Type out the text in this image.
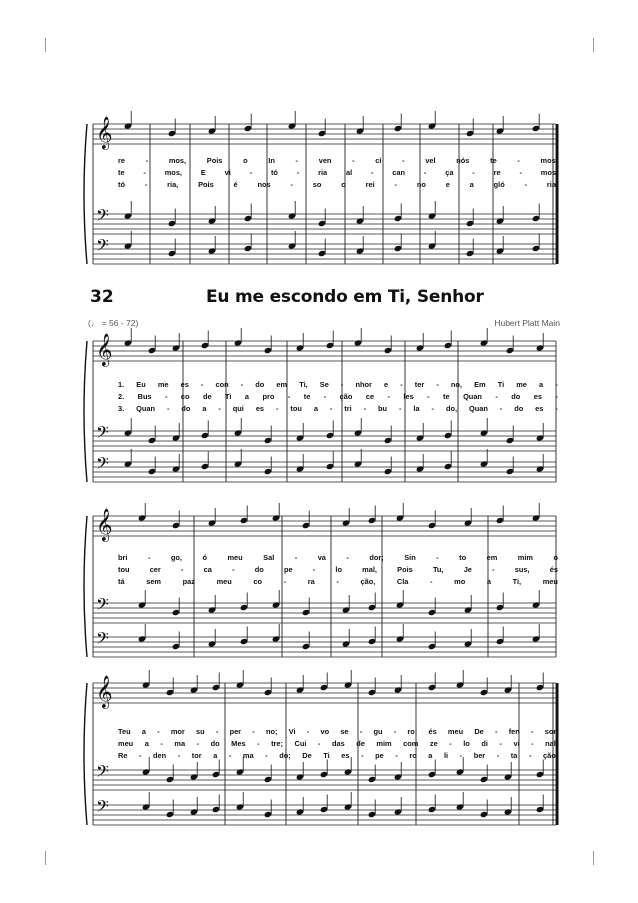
𝄞
𝄢
𝄢
𝄞
𝄢
𝄢
𝄞
𝄢
𝄢
𝄞
𝄢
𝄢
re	-	mos,	Pois	o	In	-	ven	-	cí	-	vel	nós	te	-	mos.
te	-	mos,	E	vi	-	tó	-	ria	al	-	can	-	ça	-	re	-	mos.
tó	-	ria,	Pois	é	nos	-	so	o	rei	-	no	e	a	gló	-	ria.
32	Eu me escondo em Ti, Senhor
(♩ = 56 - 72)	Hubert Platt Main
1. Eu me es - con - do em Ti, Se - nhor e - ter - no, Em Ti me a -
2. Bus - co de Ti a pro - te - ção ce - les - te Quan - do es -
3. Quan - do a - qui es - tou a - tri - bu - la - do, Quan - do es -
bri	-	go,	ó	meu	Sal	-	va	-	dor;	Sin	-	to	em	mim	o
tou	cer	-	ca	-	do	pe	-	lo	mal,	Pois	Tu,	Je	-	sus,	és
tá	sem	paz	meu	co	-	ra	-	ção,	Cla	-	mo	a	Ti,	meu
Teu a - mor su - per - no; Vi - vo se - gu - ro; és meu De - fen - sor.
meu a - ma - do Mes - tre; Cui - das de mim com ze - lo di - vi - nal.
Re - den - tor a - ma - do; De Ti es - pe - ro a li - ber - ta - ção.
